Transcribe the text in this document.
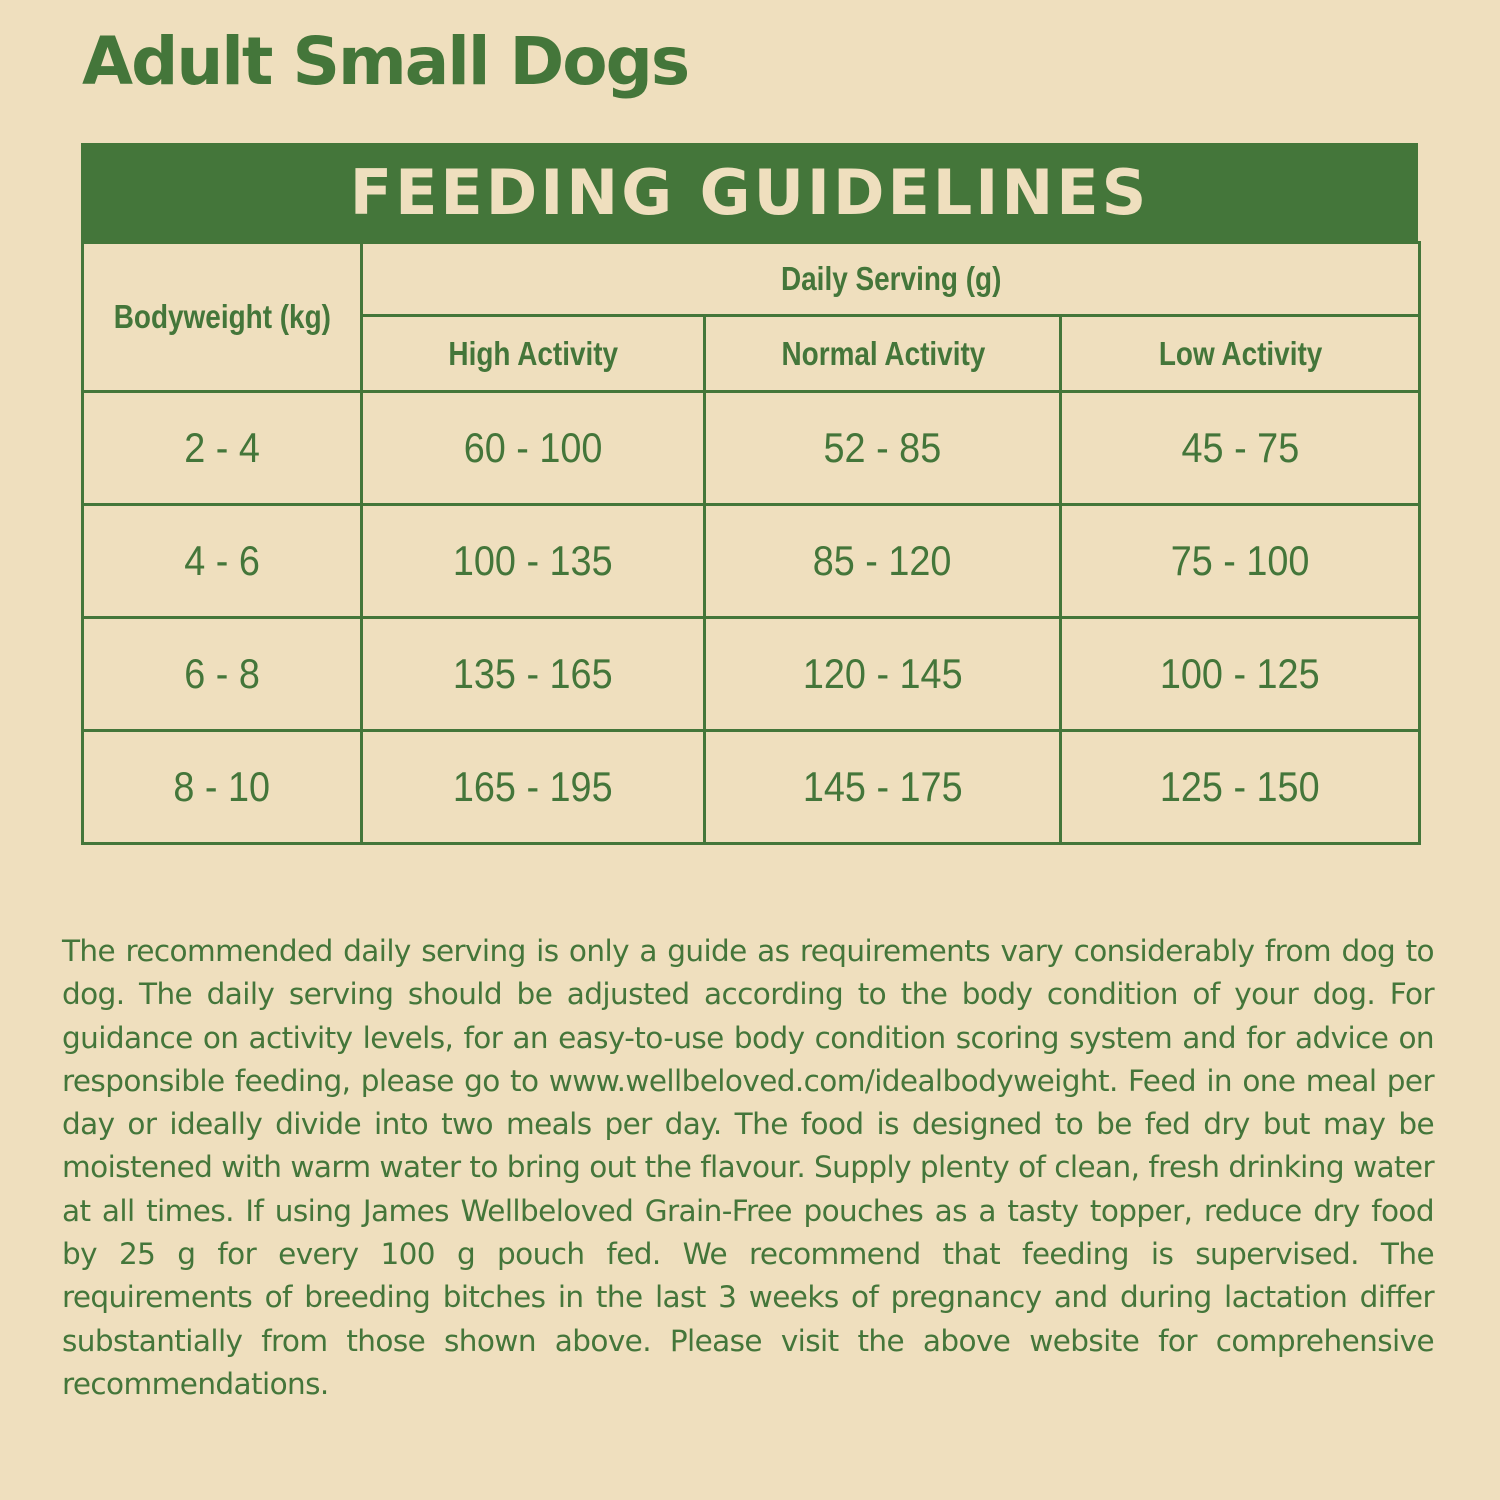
Adult Small Dogs
FEEDING GUIDELINES
Bodyweight (kg)	Daily Serving (g)		
	High Activity	Normal Activity	Low Activity
2 - 4	60 - 100	52 - 85	45 - 75
4 - 6	100 - 135	85 - 120	75 - 100
6 - 8	135 - 165	120 - 145	100 - 125
8 - 10	165 - 195	145 - 175	125 - 150

The recommended daily serving is only a guide as requirements vary considerably from dog to dog. The daily serving should be adjusted according to the body condition of your dog. For guidance on activity levels, for an easy-to-use body condition scoring system and for advice on responsible feeding, please go to www.wellbeloved.com/idealbodyweight. Feed in one meal per day or ideally divide into two meals per day. The food is designed to be fed dry but may be moistened with warm water to bring out the flavour. Supply plenty of clean, fresh drinking water at all times. If using James Wellbeloved Grain-Free pouches as a tasty topper, reduce dry food by 25 g for every 100 g pouch fed. We recommend that feeding is supervised. The requirements of breeding bitches in the last 3 weeks of pregnancy and during lactation differ substantially from those shown above. Please visit the above website for comprehensive recommendations.
